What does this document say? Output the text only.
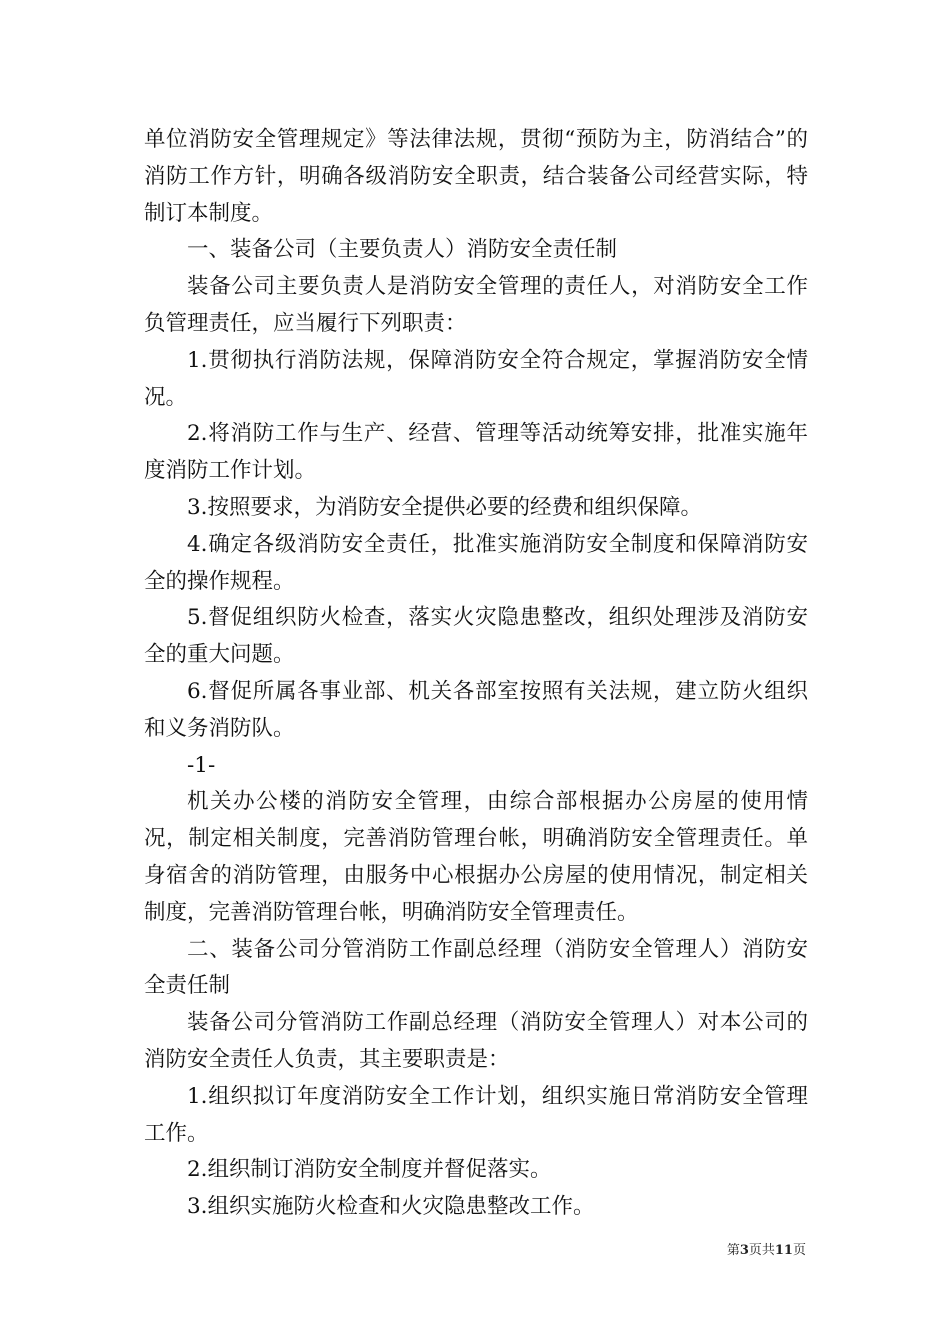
单位消防安全管理规定》等法律法规，贯彻“预防为主，防消结合”的消防工作方针，明确各级消防安全职责，结合装备公司经营实际，特制订本制度。

一、装备公司（主要负责人）消防安全责任制

装备公司主要负责人是消防安全管理的责任人，对消防安全工作负管理责任，应当履行下列职责：

1.贯彻执行消防法规，保障消防安全符合规定，掌握消防安全情况。

2.将消防工作与生产、经营、管理等活动统筹安排，批准实施年度消防工作计划。

3.按照要求，为消防安全提供必要的经费和组织保障。

4.确定各级消防安全责任，批准实施消防安全制度和保障消防安全的操作规程。

5.督促组织防火检查，落实火灾隐患整改，组织处理涉及消防安全的重大问题。

6.督促所属各事业部、机关各部室按照有关法规，建立防火组织和义务消防队。

-1-

机关办公楼的消防安全管理，由综合部根据办公房屋的使用情况，制定相关制度，完善消防管理台帐，明确消防安全管理责任。单身宿舍的消防管理，由服务中心根据办公房屋的使用情况，制定相关制度，完善消防管理台帐，明确消防安全管理责任。

二、装备公司分管消防工作副总经理（消防安全管理人）消防安全责任制

装备公司分管消防工作副总经理（消防安全管理人）对本公司的消防安全责任人负责，其主要职责是：

1.组织拟订年度消防安全工作计划，组织实施日常消防安全管理工作。

2.组织制订消防安全制度并督促落实。

3.组织实施防火检查和火灾隐患整改工作。

第3页共11页
